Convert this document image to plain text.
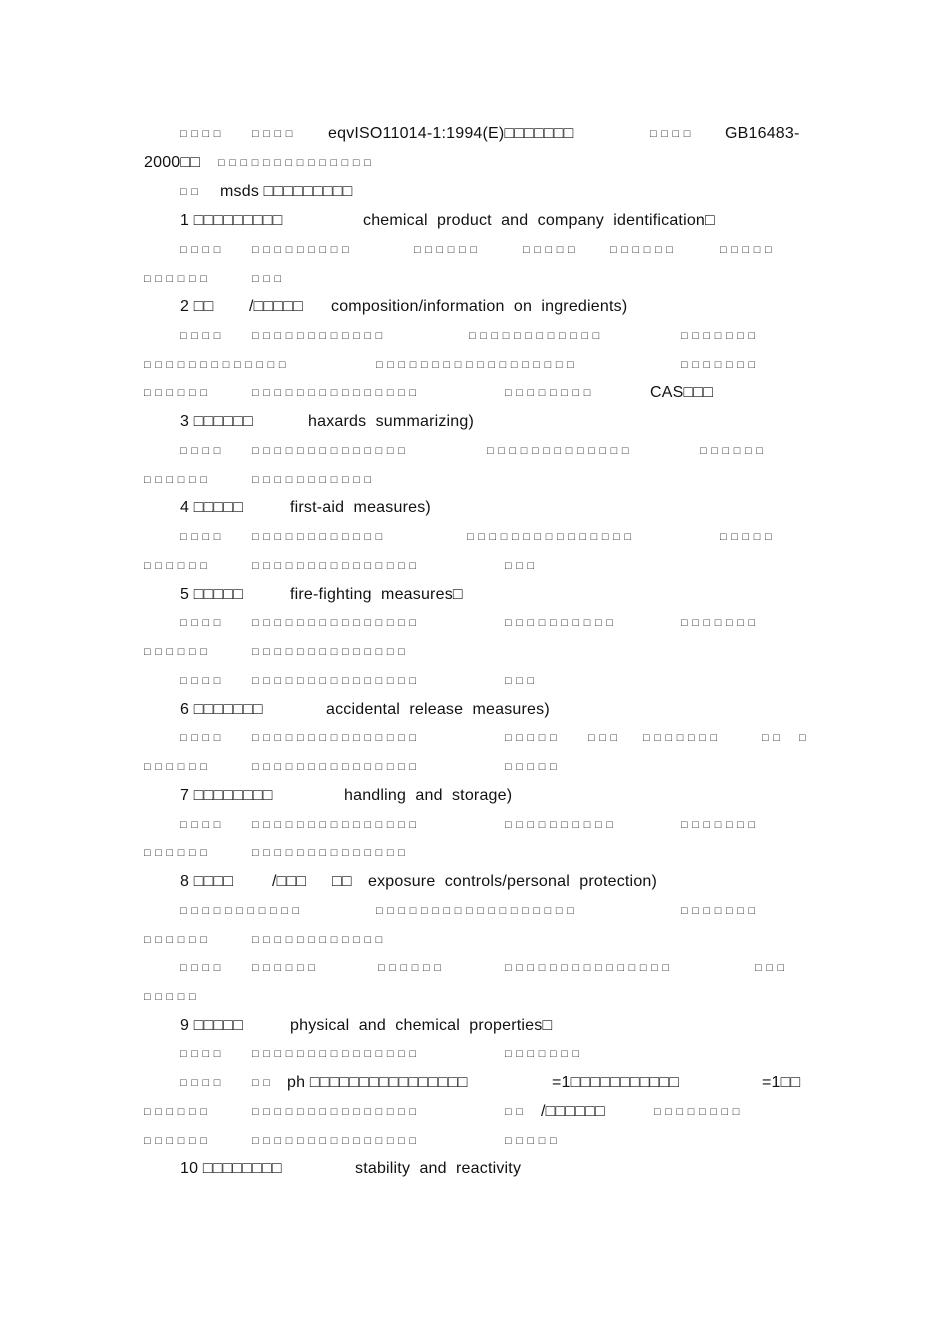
□□□□

□□□□

eqvISO11014-1:1994(E)□□□□□□□

	□□□□

GB16483-

2000□□

□□□□□□□□□□□□□□

□□

msds □□□□□□□□□

1 □□□□□□□□□

	chemical  product  and  company  identification□

□□□□

□□□□□□□□□

	□□□□□□

	□□□□□

	□□□□□□

	□□□□□

□□□□□□

	□□□

2 □□

/□□□□□

composition/information  on  ingredients)

□□□□

□□□□□□□□□□□□

	□□□□□□□□□□□□

	□□□□□□□

□□□□□□□□□□□□□

	□□□□□□□□□□□□□□□□□□

	□□□□□□□

□□□□□□

	□□□□□□□□□□□□□□□

	□□□□□□□□

	CAS□□□

3 □□□□□□

	haxards  summarizing)

□□□□

□□□□□□□□□□□□□□

	□□□□□□□□□□□□□

	□□□□□□

□□□□□□

	□□□□□□□□□□□

4 □□□□□

	first-aid  measures)

□□□□

□□□□□□□□□□□□

	□□□□□□□□□□□□□□□

	□□□□□

□□□□□□

	□□□□□□□□□□□□□□□

	□□□

5 □□□□□

	fire-fighting  measures□

□□□□

□□□□□□□□□□□□□□□

	□□□□□□□□□□

	□□□□□□□

□□□□□□

	□□□□□□□□□□□□□□

□□□□

□□□□□□□□□□□□□□□

	□□□

6 □□□□□□□

	accidental  release  measures)

□□□□

□□□□□□□□□□□□□□□

	□□□□□

□□□

□□□□□□□

	□□

□

□□□□□□

	□□□□□□□□□□□□□□□

	□□□□□

7 □□□□□□□□

	handling  and  storage)

□□□□

□□□□□□□□□□□□□□□

	□□□□□□□□□□

	□□□□□□□

□□□□□□

	□□□□□□□□□□□□□□

8 □□□□

/□□□

□□

exposure  controls/personal  protection)

□□□□□□□□□□□

	□□□□□□□□□□□□□□□□□□

	□□□□□□□

□□□□□□

	□□□□□□□□□□□□

□□□□

□□□□□□

	□□□□□□

	□□□□□□□□□□□□□□□

	□□□

□□□□□

9 □□□□□

	physical  and  chemical  properties□

□□□□

□□□□□□□□□□□□□□□

	□□□□□□□

□□□□

□□

ph □□□□□□□□□□□□□□□□

	=1□□□□□□□□□□□

	=1□□

□□□□□□

	□□□□□□□□□□□□□□□

	□□

/□□□□□□

	□□□□□□□□

□□□□□□

	□□□□□□□□□□□□□□□

	□□□□□

10 □□□□□□□□

	stability  and  reactivity
